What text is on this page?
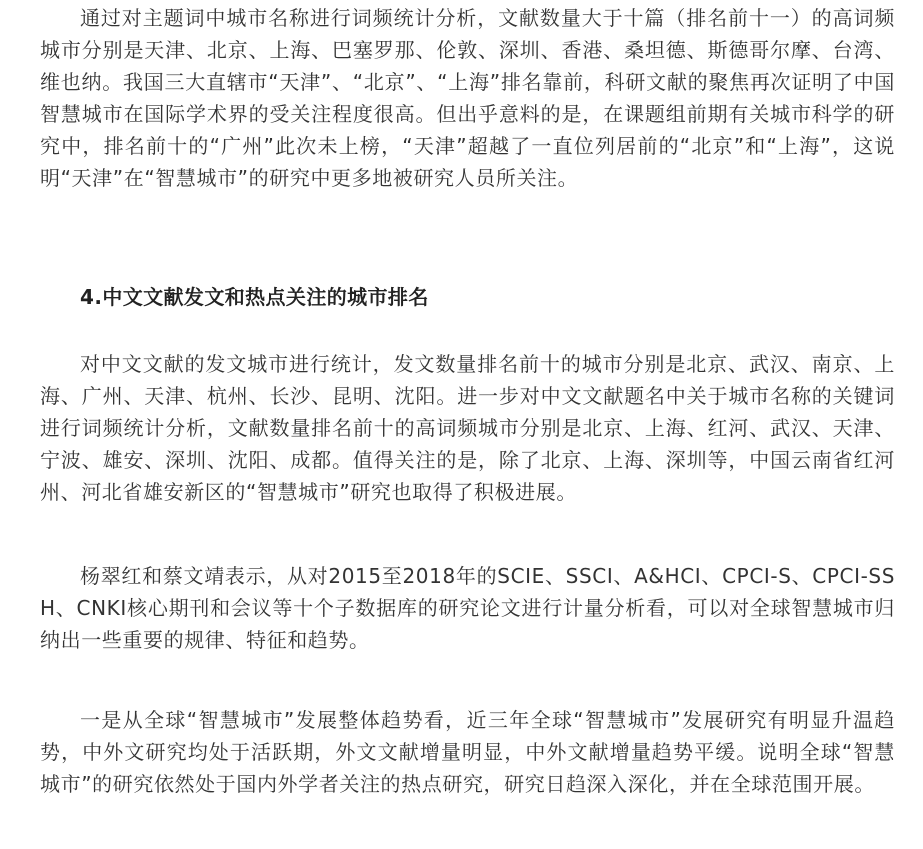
通过对主题词中城市名称进行词频统计分析，文献数量大于十篇（排名前十一）的高词频城市分别是天津、北京、上海、巴塞罗那、伦敦、深圳、香港、桑坦德、斯德哥尔摩、台湾、维也纳。我国三大直辖市“天津”、“北京”、“上海”排名靠前，科研文献的聚焦再次证明了中国智慧城市在国际学术界的受关注程度很高。但出乎意料的是，在课题组前期有关城市科学的研究中，排名前十的“广州”此次未上榜，“天津”超越了一直位列居前的“北京”和“上海”，这说明“天津”在“智慧城市”的研究中更多地被研究人员所关注。

4.中文文献发文和热点关注的城市排名

对中文文献的发文城市进行统计，发文数量排名前十的城市分别是北京、武汉、南京、上海、广州、天津、杭州、长沙、昆明、沈阳。进一步对中文文献题名中关于城市名称的关键词进行词频统计分析，文献数量排名前十的高词频城市分别是北京、上海、红河、武汉、天津、宁波、雄安、深圳、沈阳、成都。值得关注的是，除了北京、上海、深圳等，中国云南省红河州、河北省雄安新区的“智慧城市”研究也取得了积极进展。

杨翠红和蔡文靖表示，从对2015至2018年的SCIE、SSCI、A&HCI、CPCI-S、CPCI-SSH、CNKI核心期刊和会议等十个子数据库的研究论文进行计量分析看，可以对全球智慧城市归纳出一些重要的规律、特征和趋势。

一是从全球“智慧城市”发展整体趋势看，近三年全球“智慧城市”发展研究有明显升温趋势，中外文研究均处于活跃期，外文文献增量明显，中外文献增量趋势平缓。说明全球“智慧城市”的研究依然处于国内外学者关注的热点研究，研究日趋深入深化，并在全球范围开展。
